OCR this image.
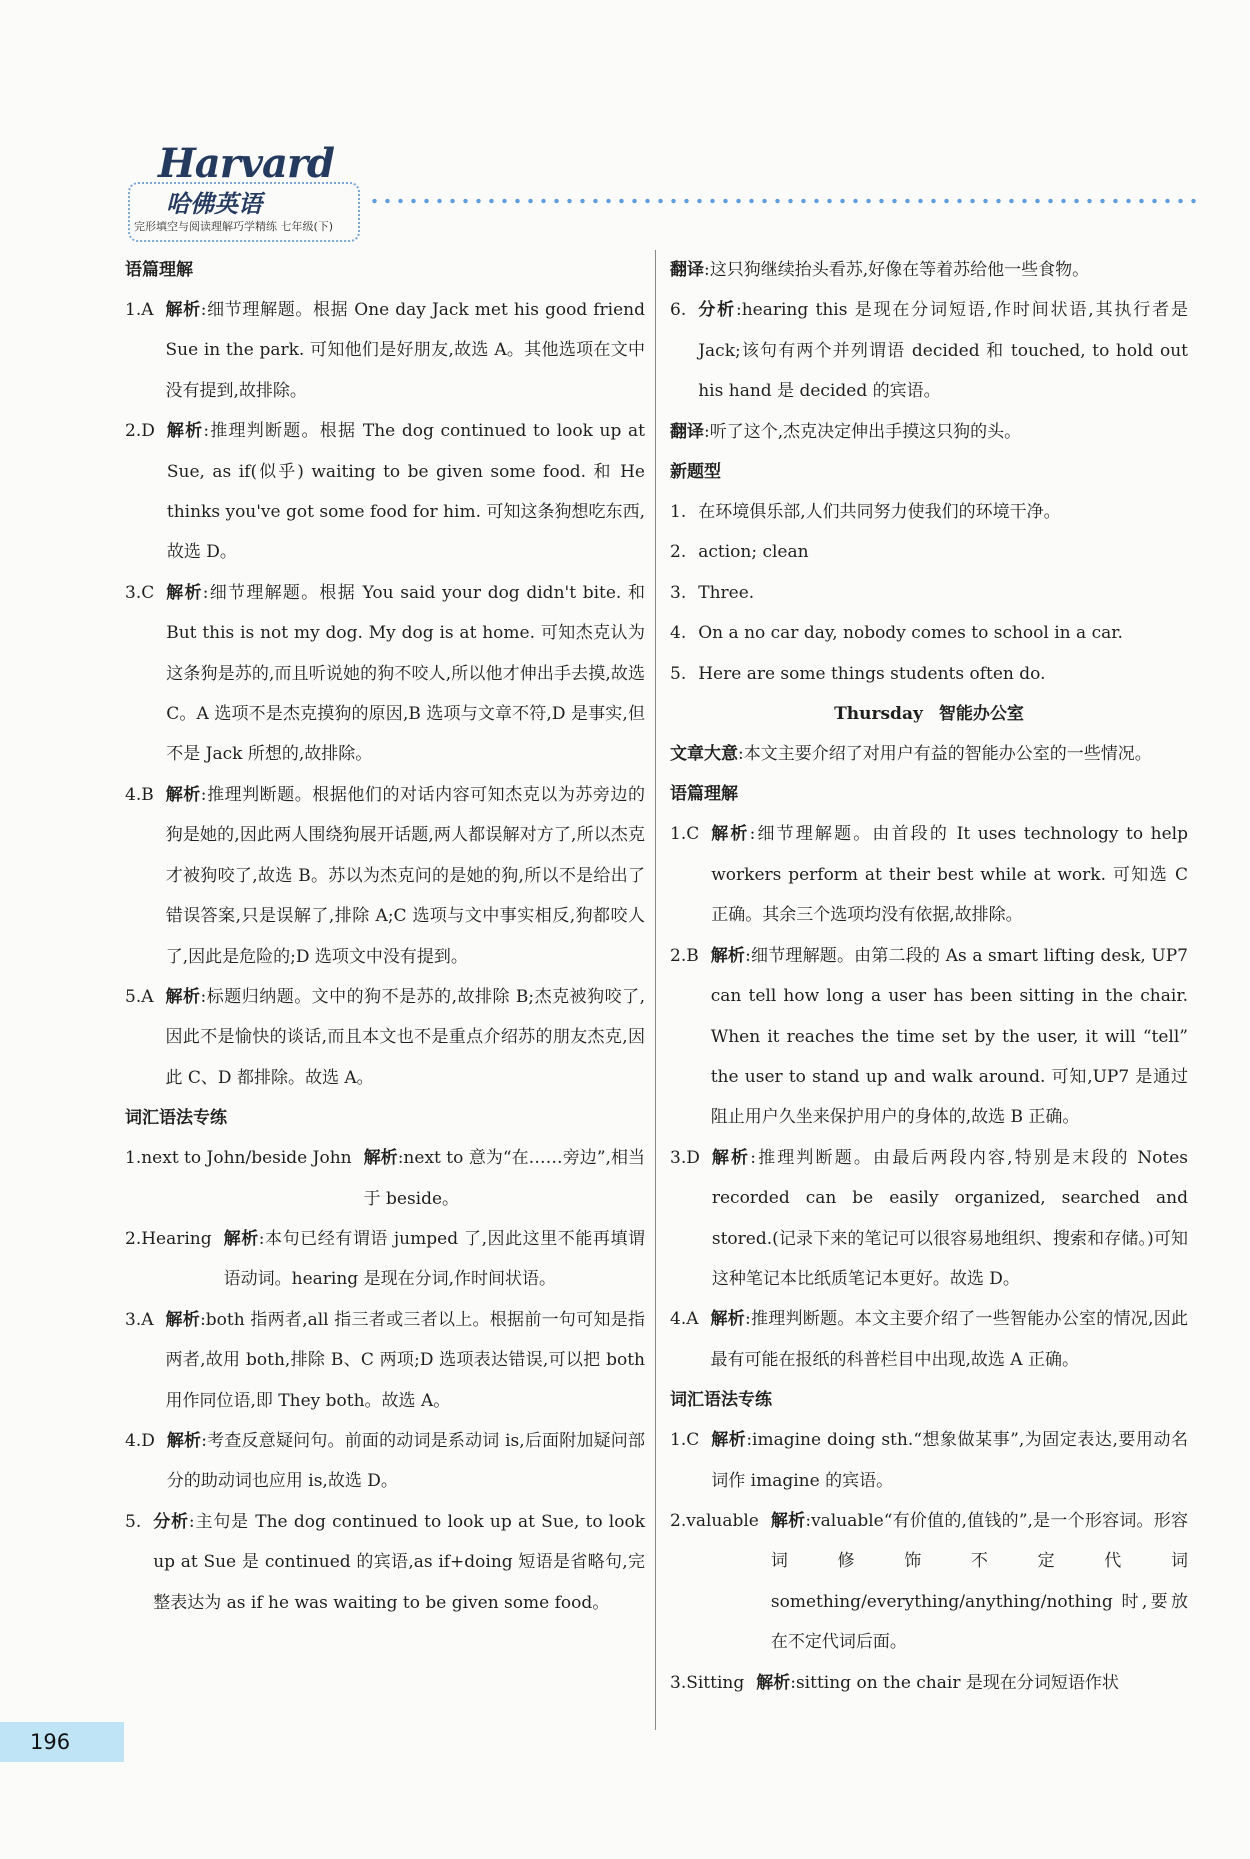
Harvard
哈佛英语
完形填空与阅读理解巧学精练 七年级(下)
语篇理解
1.A 解析:细节理解题。根据 One day Jack met his good friend Sue in the park. 可知他们是好朋友,故选 A。其他选项在文中没有提到,故排除。
2.D 解析:推理判断题。根据 The dog continued to look up at Sue, as if(似乎) waiting to be given some food. 和 He thinks you've got some food for him. 可知这条狗想吃东西,故选 D。
3.C 解析:细节理解题。根据 You said your dog didn't bite. 和 But this is not my dog. My dog is at home. 可知杰克认为这条狗是苏的,而且听说她的狗不咬人,所以他才伸出手去摸,故选 C。A 选项不是杰克摸狗的原因,B 选项与文章不符,D 是事实,但不是 Jack 所想的,故排除。
4.B 解析:推理判断题。根据他们的对话内容可知杰克以为苏旁边的狗是她的,因此两人围绕狗展开话题,两人都误解对方了,所以杰克才被狗咬了,故选 B。苏以为杰克问的是她的狗,所以不是给出了错误答案,只是误解了,排除 A;C 选项与文中事实相反,狗都咬人了,因此是危险的;D 选项文中没有提到。
5.A 解析:标题归纳题。文中的狗不是苏的,故排除 B;杰克被狗咬了,因此不是愉快的谈话,而且本文也不是重点介绍苏的朋友杰克,因此 C、D 都排除。故选 A。
词汇语法专练
1.next to John/beside John 解析:next to 意为“在……旁边”,相当于 beside。
2.Hearing 解析:本句已经有谓语 jumped 了,因此这里不能再填谓语动词。hearing 是现在分词,作时间状语。
3.A 解析:both 指两者,all 指三者或三者以上。根据前一句可知是指两者,故用 both,排除 B、C 两项;D 选项表达错误,可以把 both 用作同位语,即 They both。故选 A。
4.D 解析:考查反意疑问句。前面的动词是系动词 is,后面附加疑问部分的助动词也应用 is,故选 D。
5. 分析:主句是 The dog continued to look up at Sue, to look up at Sue 是 continued 的宾语,as if+doing 短语是省略句,完整表达为 as if he was waiting to be given some food。
翻译:这只狗继续抬头看苏,好像在等着苏给他一些食物。
6. 分析:hearing this 是现在分词短语,作时间状语,其执行者是 Jack;该句有两个并列谓语 decided 和 touched, to hold out his hand 是 decided 的宾语。
翻译:听了这个,杰克决定伸出手摸这只狗的头。
新题型
1. 在环境俱乐部,人们共同努力使我们的环境干净。
2. action; clean
3. Three.
4. On a no car day, nobody comes to school in a car.
5. Here are some things students often do.
Thursday 智能办公室
文章大意:本文主要介绍了对用户有益的智能办公室的一些情况。
语篇理解
1.C 解析:细节理解题。由首段的 It uses technology to help workers perform at their best while at work. 可知选 C 正确。其余三个选项均没有依据,故排除。
2.B 解析:细节理解题。由第二段的 As a smart lifting desk, UP7 can tell how long a user has been sitting in the chair. When it reaches the time set by the user, it will “tell” the user to stand up and walk around. 可知,UP7 是通过阻止用户久坐来保护用户的身体的,故选 B 正确。
3.D 解析:推理判断题。由最后两段内容,特别是末段的 Notes recorded can be easily organized, searched and stored.(记录下来的笔记可以很容易地组织、搜索和存储。)可知这种笔记本比纸质笔记本更好。故选 D。
4.A 解析:推理判断题。本文主要介绍了一些智能办公室的情况,因此最有可能在报纸的科普栏目中出现,故选 A 正确。
词汇语法专练
1.C 解析:imagine doing sth.“想象做某事”,为固定表达,要用动名词作 imagine 的宾语。
2.valuable 解析:valuable“有价值的,值钱的”,是一个形容词。形容词修饰不定代词 something/everything/anything/nothing 时,要放在不定代词后面。
3.Sitting 解析:sitting on the chair 是现在分词短语作状
196
